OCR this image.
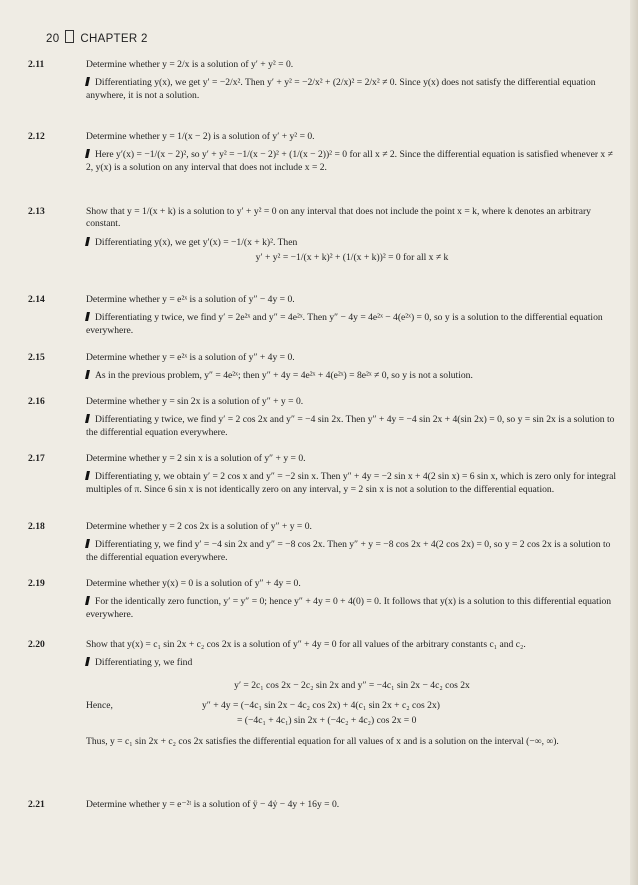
20 CHAPTER 2
2.11	Determine whether y = 2/x is a solution of y′ + y² = 0.

Differentiating y(x), we get y′ = −2/x². Then y′ + y² = −2/x² + (2/x)² = 2/x² ≠ 0. Since y(x) does not satisfy the differential equation anywhere, it is not a solution.

2.12	Determine whether y = 1/(x − 2) is a solution of y′ + y² = 0.

Here y′(x) = −1/(x − 2)², so y′ + y² = −1/(x − 2)² + (1/(x − 2))² = 0 for all x ≠ 2. Since the differential equation is satisfied whenever x ≠ 2, y(x) is a solution on any interval that does not include x = 2.

2.13	Show that y = 1/(x + k) is a solution to y′ + y² = 0 on any interval that does not include the point x = k, where k denotes an arbitrary constant.

Differentiating y(x), we get y′(x) = −1/(x + k)². Then

y′ + y² = −1/(x + k)² + (1/(x + k))² = 0 for all x ≠ k

2.14	Determine whether y = e²ˣ is a solution of y″ − 4y = 0.

Differentiating y twice, we find y′ = 2e²ˣ and y″ = 4e²ˣ. Then y″ − 4y = 4e²ˣ − 4(e²ˣ) = 0, so y is a solution to the differential equation everywhere.

2.15	Determine whether y = e²ˣ is a solution of y″ + 4y = 0.

As in the previous problem, y″ = 4e²ˣ; then y″ + 4y = 4e²ˣ + 4(e²ˣ) = 8e²ˣ ≠ 0, so y is not a solution.

2.16	Determine whether y = sin 2x is a solution of y″ + y = 0.

Differentiating y twice, we find y′ = 2 cos 2x and y″ = −4 sin 2x. Then y″ + 4y = −4 sin 2x + 4(sin 2x) = 0, so y = sin 2x is a solution to the differential equation everywhere.

2.17	Determine whether y = 2 sin x is a solution of y″ + y = 0.

Differentiating y, we obtain y′ = 2 cos x and y″ = −2 sin x. Then y″ + 4y = −2 sin x + 4(2 sin x) = 6 sin x, which is zero only for integral multiples of π. Since 6 sin x is not identically zero on any interval, y = 2 sin x is not a solution to the differential equation.

2.18	Determine whether y = 2 cos 2x is a solution of y″ + y = 0.

Differentiating y, we find y′ = −4 sin 2x and y″ = −8 cos 2x. Then y″ + y = −8 cos 2x + 4(2 cos 2x) = 0, so y = 2 cos 2x is a solution to the differential equation everywhere.

2.19	Determine whether y(x) = 0 is a solution of y″ + 4y = 0.

For the identically zero function, y′ = y″ = 0; hence y″ + 4y = 0 + 4(0) = 0. It follows that y(x) is a solution to this differential equation everywhere.

2.20	Show that y(x) = c₁ sin 2x + c₂ cos 2x is a solution of y″ + 4y = 0 for all values of the arbitrary constants c₁ and c₂.

Differentiating y, we find

y′ = 2c₁ cos 2x − 2c₂ sin 2x and y″ = −4c₁ sin 2x − 4c₂ cos 2x

Hence,	y″ + 4y = (−4c₁ sin 2x − 4c₂ cos 2x) + 4(c₁ sin 2x + c₂ cos 2x)

= (−4c₁ + 4c₁) sin 2x + (−4c₂ + 4c₂) cos 2x = 0

Thus, y = c₁ sin 2x + c₂ cos 2x satisfies the differential equation for all values of x and is a solution on the interval (−∞, ∞).

2.21	Determine whether y = e⁻²ᵗ is a solution of ÿ − 4ẏ − 4y + 16y = 0.
